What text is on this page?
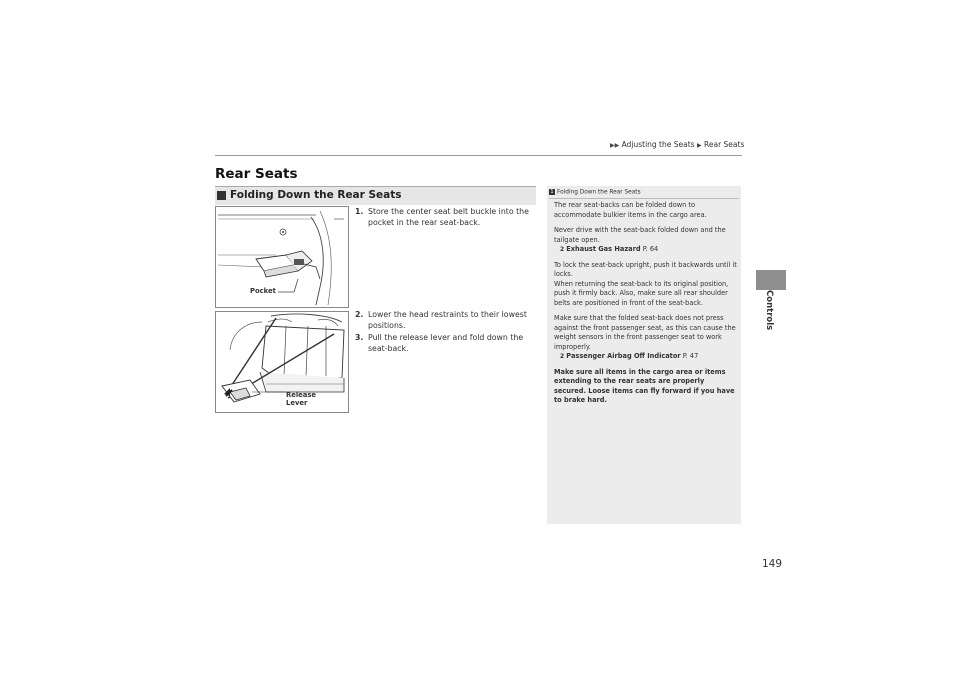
▶▶ Adjusting the Seats ▶ Rear Seats
Controls
149
Rear Seats
Folding Down the Rear Seats
Pocket
Release
Lever
1. Store the center seat belt buckle into the pocket in the rear seat-back.
2. Lower the head restraints to their lowest positions.
3. Pull the release lever and fold down the seat-back.
1 Folding Down the Rear Seats

The rear seat-backs can be folded down to accommodate bulkier items in the cargo area.

Never drive with the seat-back folded down and the tailgate open.

2 Exhaust Gas Hazard P. 64

To lock the seat-back upright, push it backwards until it locks.

When returning the seat-back to its original position, push it firmly back. Also, make sure all rear shoulder belts are positioned in front of the seat-back.

Make sure that the folded seat-back does not press against the front passenger seat, as this can cause the weight sensors in the front passenger seat to work improperly.

2 Passenger Airbag Off Indicator P. 47

Make sure all items in the cargo area or items extending to the rear seats are properly secured. Loose items can fly forward if you have to brake hard.
